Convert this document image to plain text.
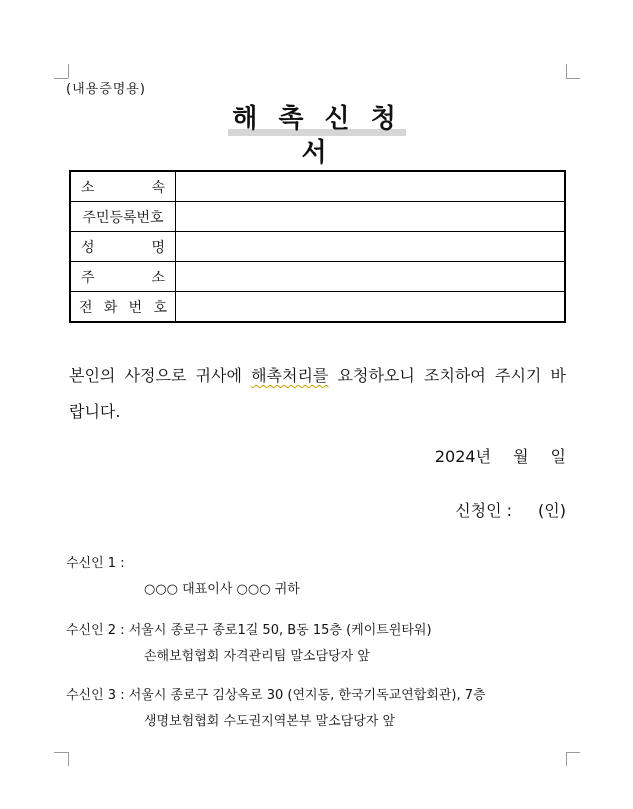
(내용증명용)
해 촉 신 청 서
소 속	

주민등록번호	

성 명	

주 소	

전 화 번 호	

본인의 사정으로 귀사에 해촉처리를 요청하오니 조치하여 주시기 바랍니다.
2024년 월 일
신청인 : (인)
수신인 1 :
○○○ 대표이사 ○○○ 귀하
수신인 2 : 서울시 종로구 종로1길 50, B동 15층 (케이트윈타워)
손해보험협회 자격관리팀 말소담당자 앞
수신인 3 : 서울시 종로구 김상옥로 30 (연지동, 한국기독교연합회관), 7층
생명보험협회 수도권지역본부 말소담당자 앞
